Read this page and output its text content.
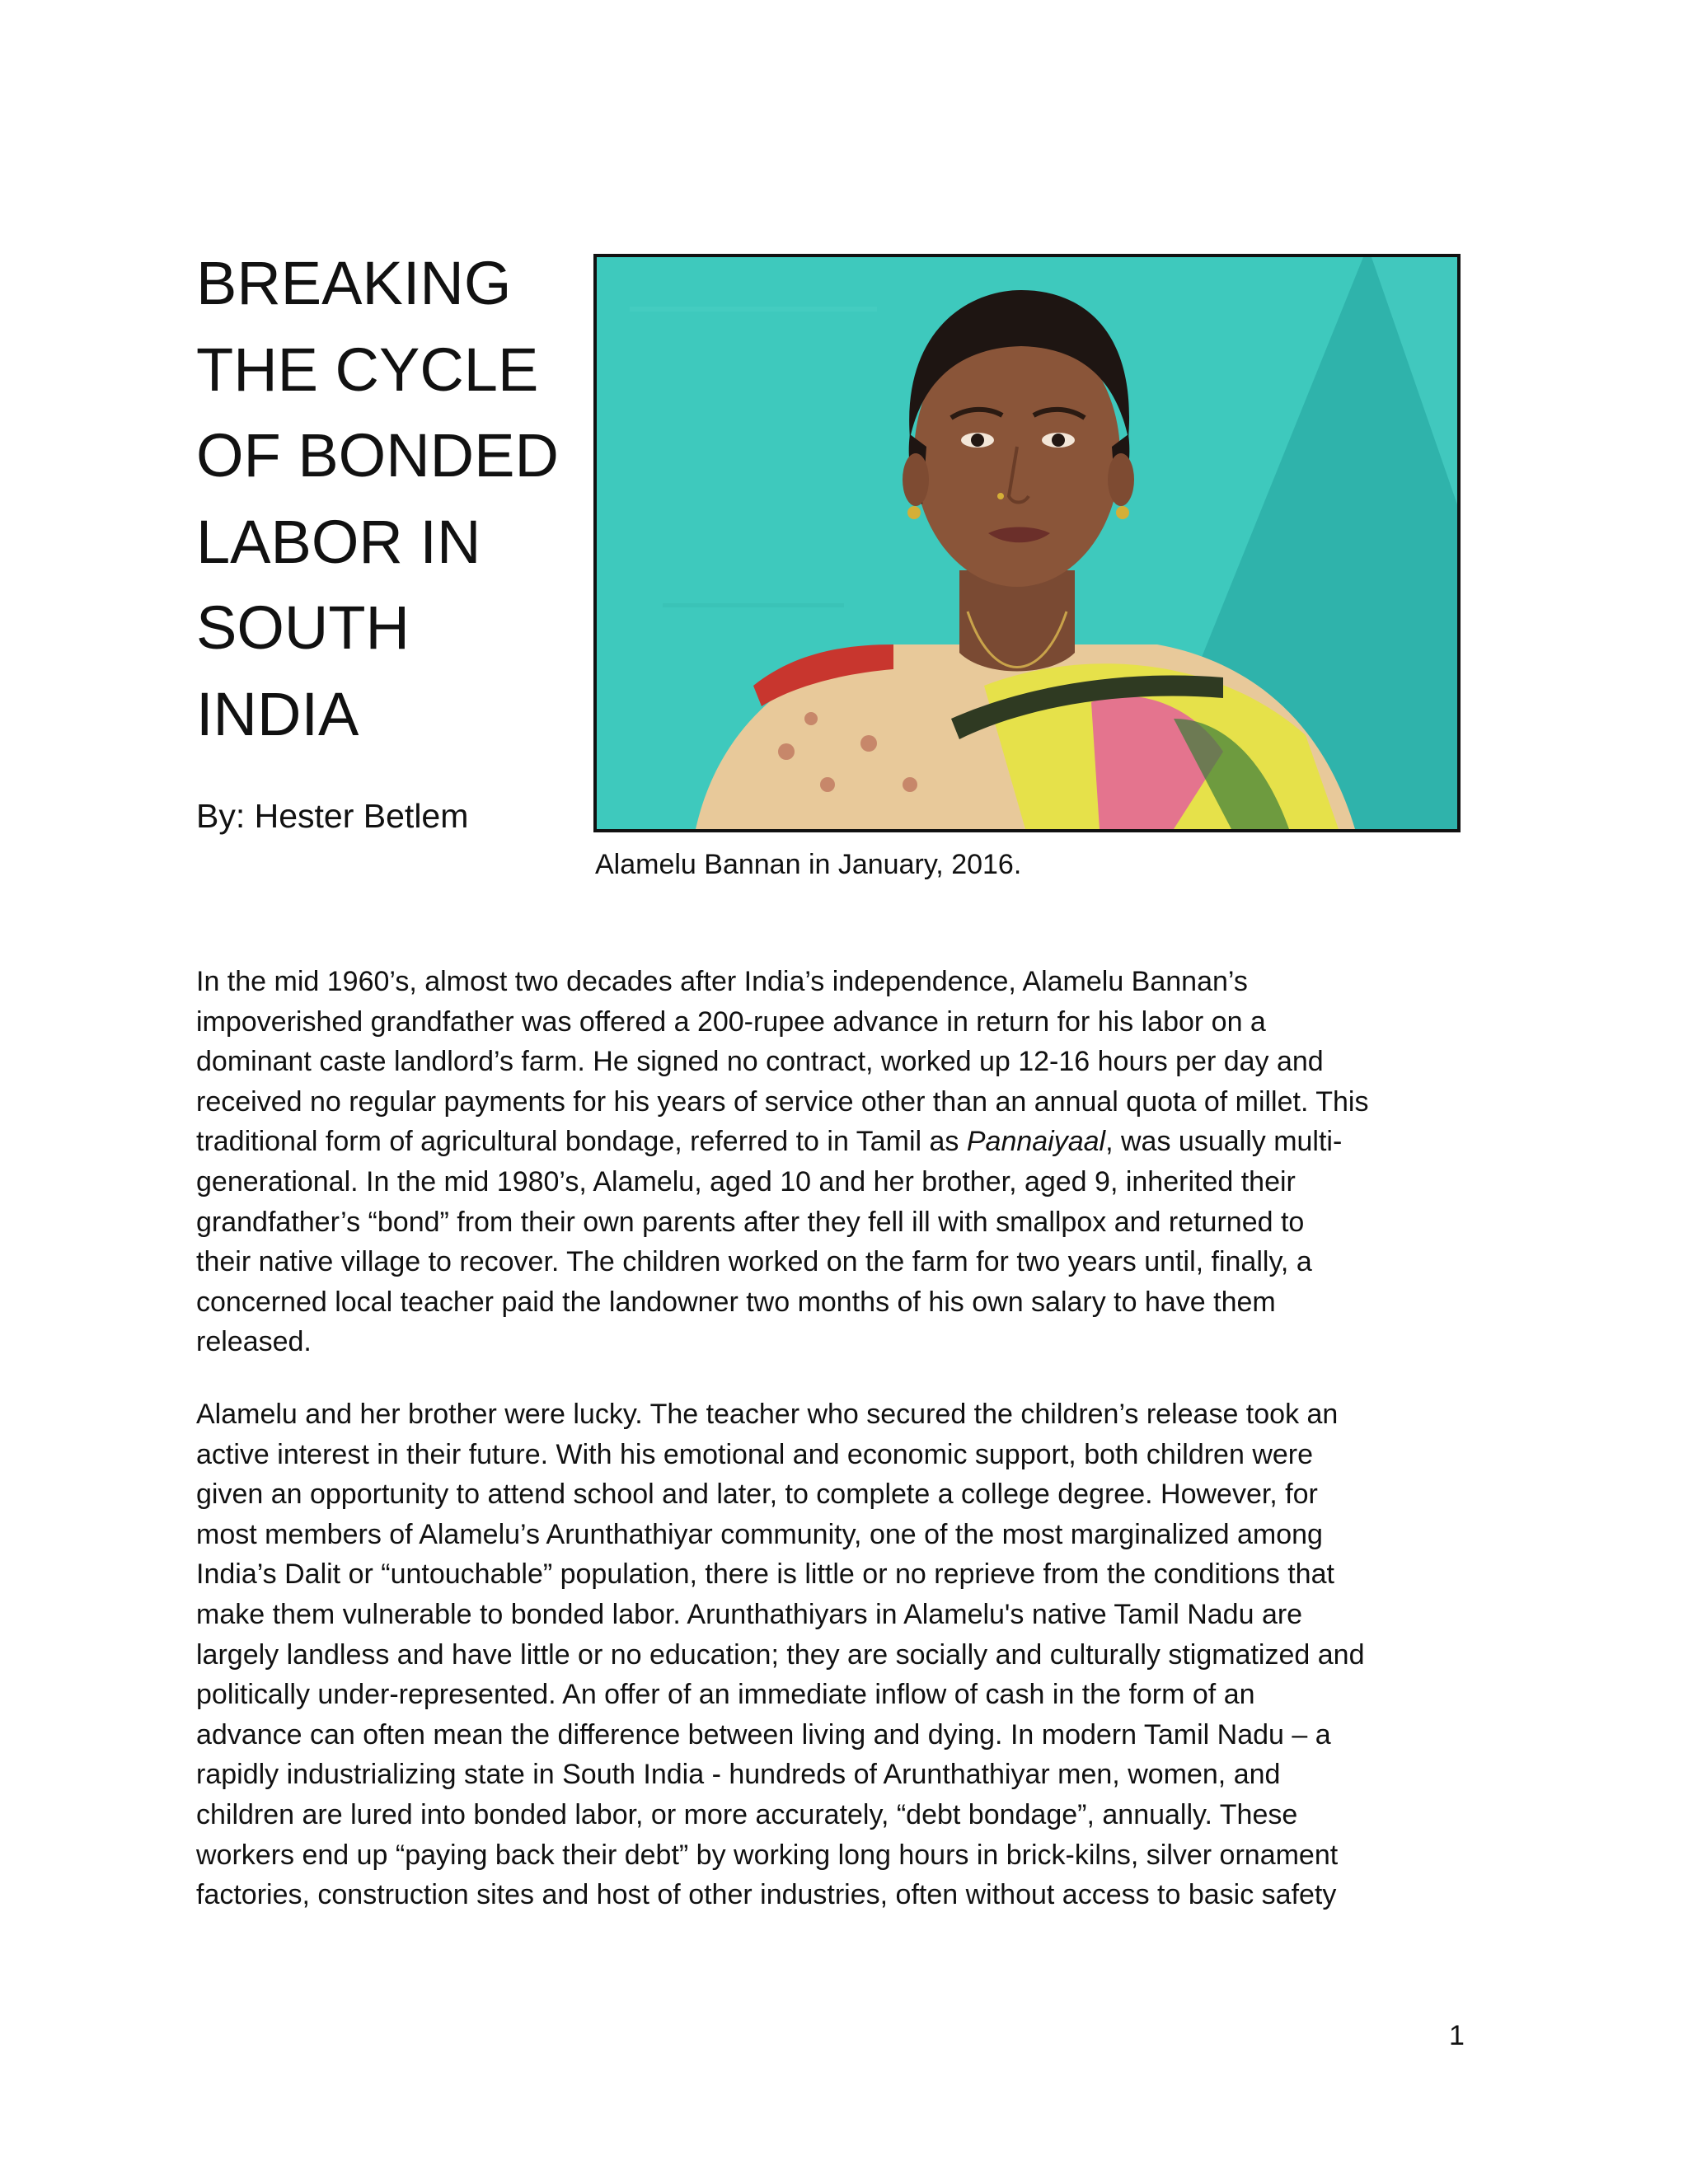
BREAKING
THE CYCLE
OF BONDED
LABOR IN
SOUTH
INDIA
By: Hester Betlem
Alamelu Bannan in January, 2016.
In the mid 1960’s, almost two decades after India’s independence, Alamelu Bannan’s
impoverished grandfather was offered a 200-rupee advance in return for his labor on a
dominant caste landlord’s farm. He signed no contract, worked up 12-16 hours per day and
received no regular payments for his years of service other than an annual quota of millet. This
traditional form of agricultural bondage, referred to in Tamil as Pannaiyaal, was usually multi-
generational. In the mid 1980’s, Alamelu, aged 10 and her brother, aged 9, inherited their
grandfather’s “bond” from their own parents after they fell ill with smallpox and returned to
their native village to recover. The children worked on the farm for two years until, finally, a
concerned local teacher paid the landowner two months of his own salary to have them
released.
Alamelu and her brother were lucky. The teacher who secured the children’s release took an
active interest in their future. With his emotional and economic support, both children were
given an opportunity to attend school and later, to complete a college degree. However, for
most members of Alamelu’s Arunthathiyar community, one of the most marginalized among
India’s Dalit or “untouchable” population, there is little or no reprieve from the conditions that
make them vulnerable to bonded labor. Arunthathiyars in Alamelu's native Tamil Nadu are
largely landless and have little or no education; they are socially and culturally stigmatized and
politically under-represented. An offer of an immediate inflow of cash in the form of an
advance can often mean the difference between living and dying. In modern Tamil Nadu – a
rapidly industrializing state in South India - hundreds of Arunthathiyar men, women, and
children are lured into bonded labor, or more accurately, “debt bondage”, annually. These
workers end up “paying back their debt” by working long hours in brick-kilns, silver ornament
factories, construction sites and host of other industries, often without access to basic safety
1
